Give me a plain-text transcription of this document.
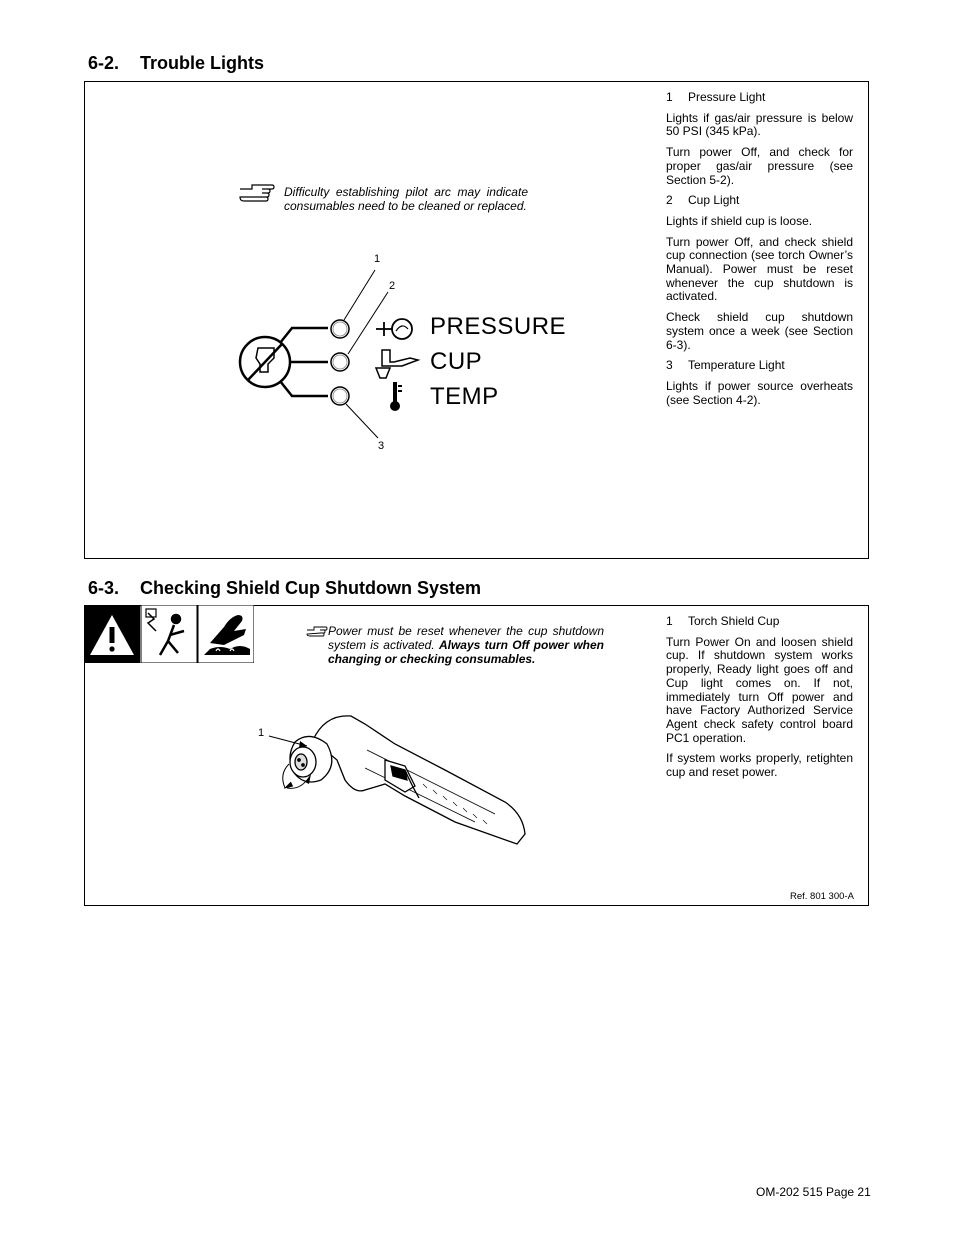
6-2. Trouble Lights
Difficulty establishing pilot arc may indicate consumables need to be cleaned or replaced.
1
2
3
PRESSURE
CUP
TEMP

1 Pressure Light

Lights if gas/air pressure is below 50 PSI (345 kPa).

Turn power Off, and check for proper gas/air pressure (see Section 5-2).

2 Cup Light

Lights if shield cup is loose.

Turn power Off, and check shield cup connection (see torch Owner’s Manual). Power must be reset whenever the cup shutdown is activated.

Check shield cup shutdown system once a week (see Section 6-3).

3 Temperature Light

Lights if power source overheats (see Section 4-2).

6-3. Checking Shield Cup Shutdown System
Power must be reset whenever the cup shutdown system is activated. Always turn Off power when changing or checking consumables.
1

1 Torch Shield Cup

Turn Power On and loosen shield cup. If shutdown system works properly, Ready light goes off and Cup light comes on. If not, immediately turn Off power and have Factory Authorized Service Agent check safety control board PC1 operation.

If system works properly, retighten cup and reset power.

Ref. 801 300-A
OM-202 515 Page 21
